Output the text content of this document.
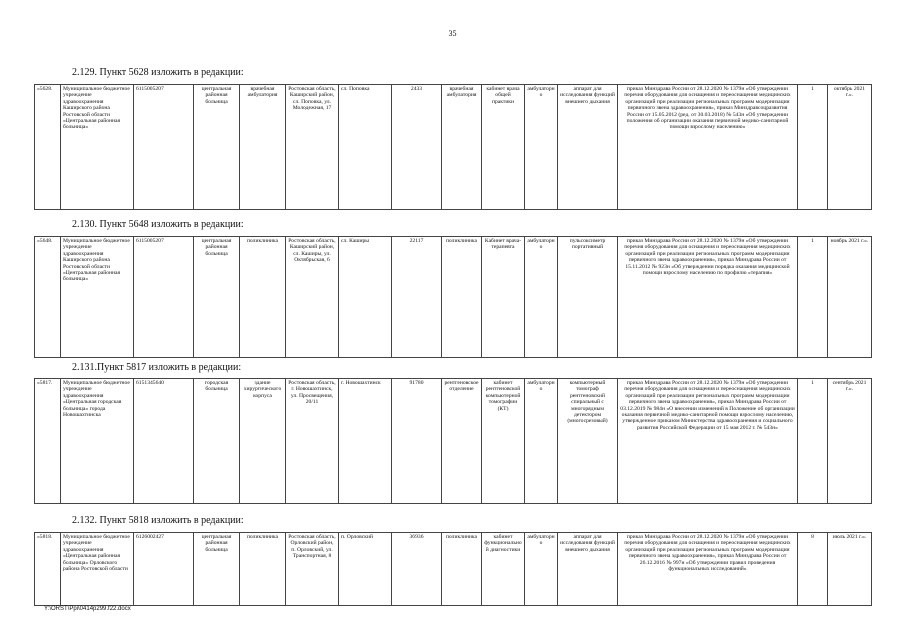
35
2.129. Пункт 5628 изложить в редакции:
«5628.	Муниципальное бюджетное учреждение здравоохранения Каширского района Ростовской области «Центральная районная больница»	6115005207	центральная районная больница	врачебная амбулатория	Ростовская область, Каширский район, сл. Поповка, ул. Молодежная, 17	сл. Поповка	2433	врачебная амбулатория	кабинет врача общей практики	амбулаторно	аппарат для исследования функций внешнего дыхания	приказ Минздрава России от 28.12.2020 № 1379н «Об утверждении перечня оборудования для оснащения и переоснащения медицинских организаций при реализации региональных программ модернизации первичного звена здравоохранения», приказ Минздравсоцразвития России от 15.05.2012 (ред. от 30.03.2018) № 543н «Об утверждении положения об организации оказания первичной медико-санитарной помощи взрослому населению»	1	октябрь 2021 г.».
2.130. Пункт 5648 изложить в редакции:
«5648.	Муниципальное бюджетное учреждение здравоохранения Каширского района Ростовской области «Центральная районная больница»	6115005207	центральная районная больница	поликлиника	Ростовская область, Каширский район, сл. Каширы, ул. Октябрьская, 6	сл. Каширы	22117	поликлиника	Кабинет врача-терапевта	амбулаторно	пульсоксиметр портативный	приказ Минздрава России от 28.12.2020 № 1379н «Об утверждении перечня оборудования для оснащения и переоснащения медицинских организаций при реализации региональных программ модернизации первичного звена здравоохранения», приказ Минздрава России от 15.11.2012 № 923н «Об утверждении порядка оказания медицинской помощи взрослому населению по профилю «терапия»	1	ноябрь 2021 г.».
2.131.Пункт 5817 изложить в редакции:
«5817.	Муниципальное бюджетное учреждение здравоохранения «Центральная городская больница» города Новошахтинска	6151345640	городская больница	здание хирургического корпуса	Ростовская область, г. Новошахтинск, ул. Просвещения, 20/11	г. Новошахтинск	91780	рентгеновское отделение	кабинет рентгеновской компьютерной томографии (КТ)	амбулаторно	компьютерный томограф рентгеновский спиральный с многорядным детектором (многосрезовый)	приказ Минздрава России от 28.12.2020 № 1379н «Об утверждении перечня оборудования для оснащения и переоснащения медицинских организаций при реализации региональных программ модернизации первичного звена здравоохранения», приказ Минздрава России от 03.12.2019 № 984н «О внесении изменений в Положение об организации оказания первичной медико-санитарной помощи взрослому населению, утвержденное приказом Министерства здравоохранения и социального развития Российской Федерации от 15 мая 2012 г. № 543н»	1	сентябрь 2021 г.».
2.132. Пункт 5818 изложить в редакции:
«5818.	Муниципальное бюджетное учреждение здравоохранения «Центральная районная больница» Орловского района Ростовской области	6126002427	центральная районная больница	поликлиника	Ростовская область, Орловский район, п. Орловский, ул. Транспортная, 8	п. Орловский	36936	поликлиника	кабинет функциональной диагностики	амбулаторно	аппарат для исследования функций внешнего дыхания	приказ Минздрава России от 28.12.2020 № 1379н «Об утверждении перечня оборудования для оснащения и переоснащения медицинских организаций при реализации региональных программ модернизации первичного звена здравоохранения», приказ Минздрава России от 26.12.2016 № 997н «Об утверждении правил проведения функциональных исследований»	8	июль 2021 г.».
Y:\ORST\Ppi\0414p299.f22.docx
